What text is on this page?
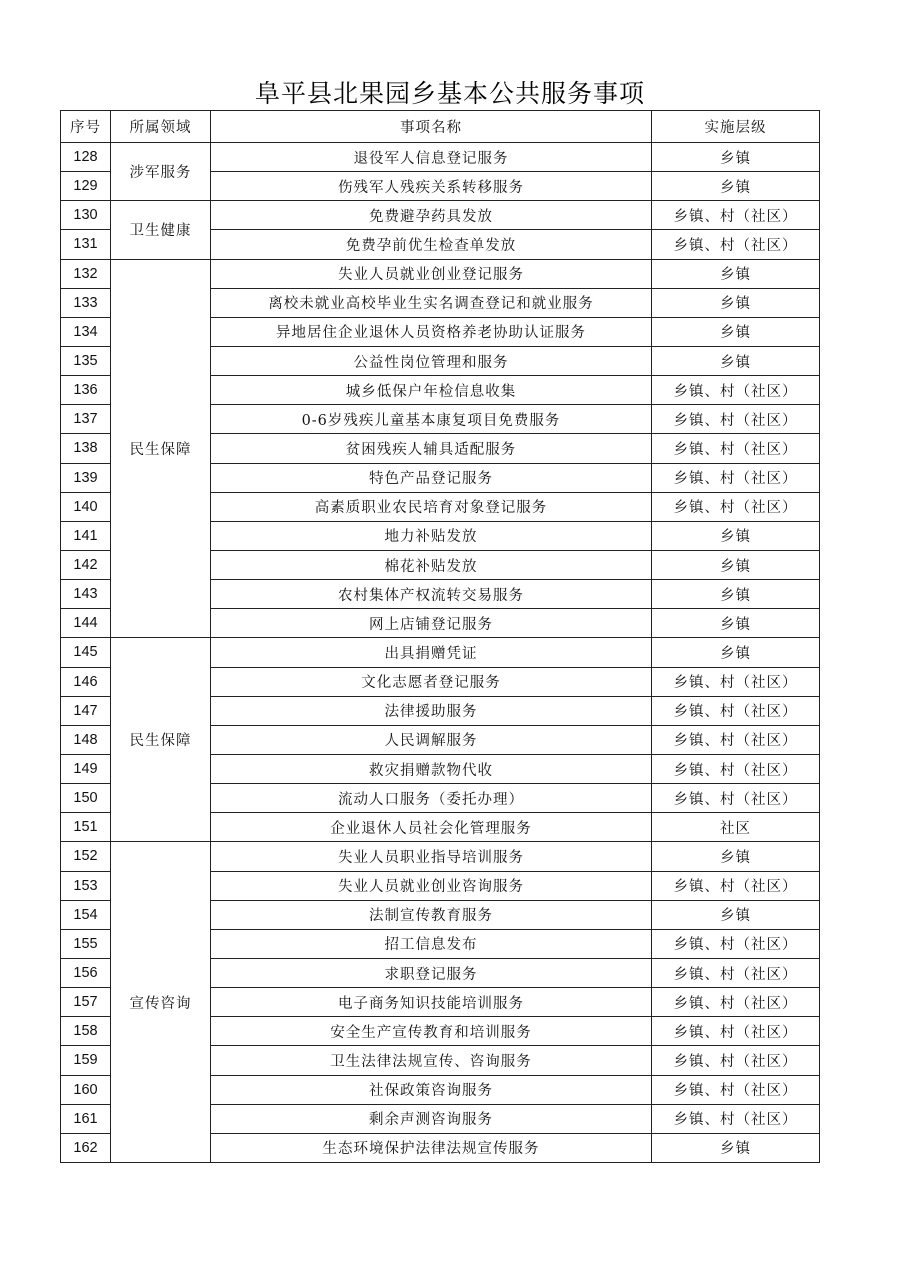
阜平县北果园乡基本公共服务事项
序号	所属领域	事项名称	实施层级
128	涉军服务	退役军人信息登记服务	乡镇
129		伤残军人残疾关系转移服务	乡镇
130	卫生健康	免费避孕药具发放	乡镇、村（社区）
131		免费孕前优生检查单发放	乡镇、村（社区）
132	民生保障	失业人员就业创业登记服务	乡镇
133		离校未就业高校毕业生实名调查登记和就业服务	乡镇
134		异地居住企业退休人员资格养老协助认证服务	乡镇
135		公益性岗位管理和服务	乡镇
136		城乡低保户年检信息收集	乡镇、村（社区）
137		0-6岁残疾儿童基本康复项目免费服务	乡镇、村（社区）
138		贫困残疾人辅具适配服务	乡镇、村（社区）
139		特色产品登记服务	乡镇、村（社区）
140		高素质职业农民培育对象登记服务	乡镇、村（社区）
141		地力补贴发放	乡镇
142		棉花补贴发放	乡镇
143		农村集体产权流转交易服务	乡镇
144		网上店铺登记服务	乡镇
145	民生保障	出具捐赠凭证	乡镇
146		文化志愿者登记服务	乡镇、村（社区）
147		法律援助服务	乡镇、村（社区）
148		人民调解服务	乡镇、村（社区）
149		救灾捐赠款物代收	乡镇、村（社区）
150		流动人口服务（委托办理）	乡镇、村（社区）
151		企业退休人员社会化管理服务	社区
152	宣传咨询	失业人员职业指导培训服务	乡镇
153		失业人员就业创业咨询服务	乡镇、村（社区）
154		法制宣传教育服务	乡镇
155		招工信息发布	乡镇、村（社区）
156		求职登记服务	乡镇、村（社区）
157		电子商务知识技能培训服务	乡镇、村（社区）
158		安全生产宣传教育和培训服务	乡镇、村（社区）
159		卫生法律法规宣传、咨询服务	乡镇、村（社区）
160		社保政策咨询服务	乡镇、村（社区）
161		剩余声测咨询服务	乡镇、村（社区）
162		生态环境保护法律法规宣传服务	乡镇
